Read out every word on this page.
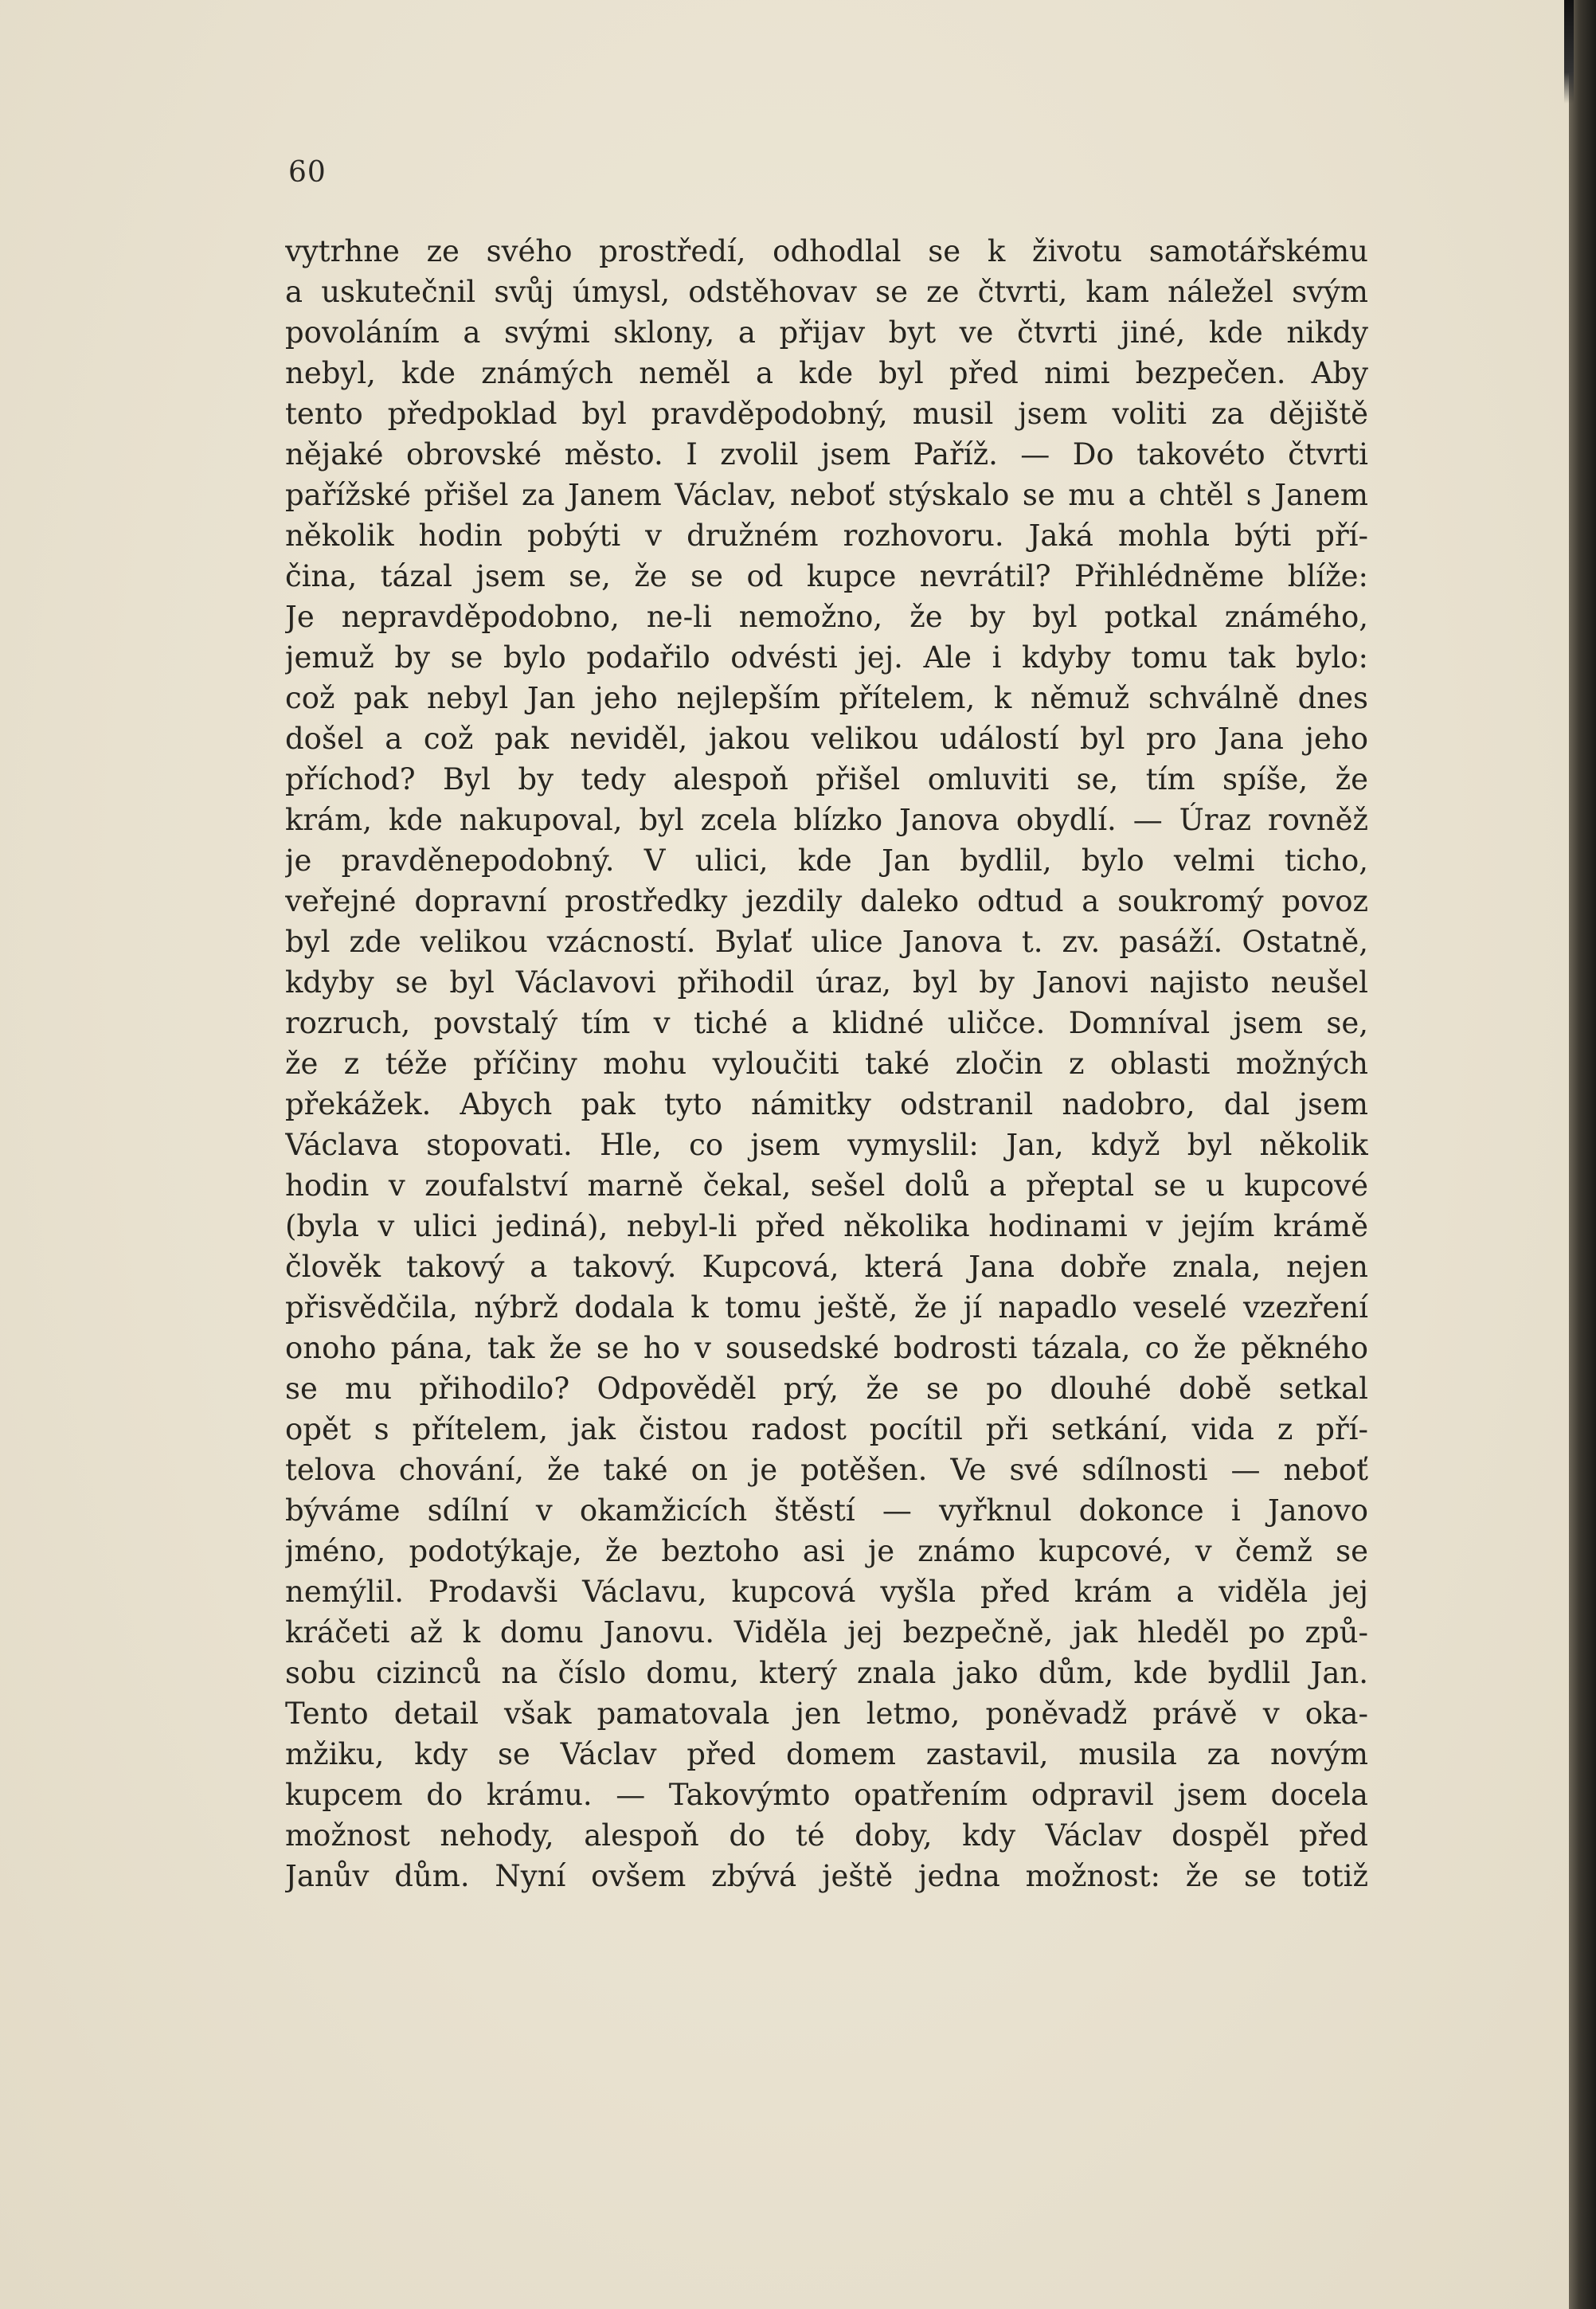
60
vytrhne ze svého prostředí, odhodlal se k životu samotářskému
a uskutečnil svůj úmysl, odstěhovav se ze čtvrti, kam náležel svým
povoláním a svými sklony, a přijav byt ve čtvrti jiné, kde nikdy
nebyl, kde známých neměl a kde byl před nimi bezpečen. Aby
tento předpoklad byl pravděpodobný, musil jsem voliti za dějiště
nějaké obrovské město. I zvolil jsem Paříž. — Do takovéto čtvrti
pařížské přišel za Janem Václav, neboť stýskalo se mu a chtěl s Janem
několik hodin pobýti v družném rozhovoru. Jaká mohla býti pří-
čina, tázal jsem se, že se od kupce nevrátil? Přihlédněme blíže:
Je nepravděpodobno, ne-li nemožno, že by byl potkal známého,
jemuž by se bylo podařilo odvésti jej. Ale i kdyby tomu tak bylo:
což pak nebyl Jan jeho nejlepším přítelem, k němuž schválně dnes
došel a což pak neviděl, jakou velikou událostí byl pro Jana jeho
příchod? Byl by tedy alespoň přišel omluviti se, tím spíše, že
krám, kde nakupoval, byl zcela blízko Janova obydlí. — Úraz rovněž
je pravděnepodobný. V ulici, kde Jan bydlil, bylo velmi ticho,
veřejné dopravní prostředky jezdily daleko odtud a soukromý povoz
byl zde velikou vzácností. Bylať ulice Janova t. zv. pasáží. Ostatně,
kdyby se byl Václavovi přihodil úraz, byl by Janovi najisto neušel
rozruch, povstalý tím v tiché a klidné uličce. Domníval jsem se,
že z téže příčiny mohu vyloučiti také zločin z oblasti možných
překážek. Abych pak tyto námitky odstranil nadobro, dal jsem
Václava stopovati. Hle, co jsem vymyslil: Jan, když byl několik
hodin v zoufalství marně čekal, sešel dolů a přeptal se u kupcové
(byla v ulici jediná), nebyl-li před několika hodinami v jejím krámě
člověk takový a takový. Kupcová, která Jana dobře znala, nejen
přisvědčila, nýbrž dodala k tomu ještě, že jí napadlo veselé vzezření
onoho pána, tak že se ho v sousedské bodrosti tázala, co že pěkného
se mu přihodilo? Odpověděl prý, že se po dlouhé době setkal
opět s přítelem, jak čistou radost pocítil při setkání, vida z pří-
telova chování, že také on je potěšen. Ve své sdílnosti — neboť
býváme sdílní v okamžicích štěstí — vyřknul dokonce i Janovo
jméno, podotýkaje, že beztoho asi je známo kupcové, v čemž se
nemýlil. Prodavši Václavu, kupcová vyšla před krám a viděla jej
kráčeti až k domu Janovu. Viděla jej bezpečně, jak hleděl po způ-
sobu cizinců na číslo domu, který znala jako dům, kde bydlil Jan.
Tento detail však pamatovala jen letmo, poněvadž právě v oka-
mžiku, kdy se Václav před domem zastavil, musila za novým
kupcem do krámu. — Takovýmto opatřením odpravil jsem docela
možnost nehody, alespoň do té doby, kdy Václav dospěl před
Janův dům. Nyní ovšem zbývá ještě jedna možnost: že se totiž
